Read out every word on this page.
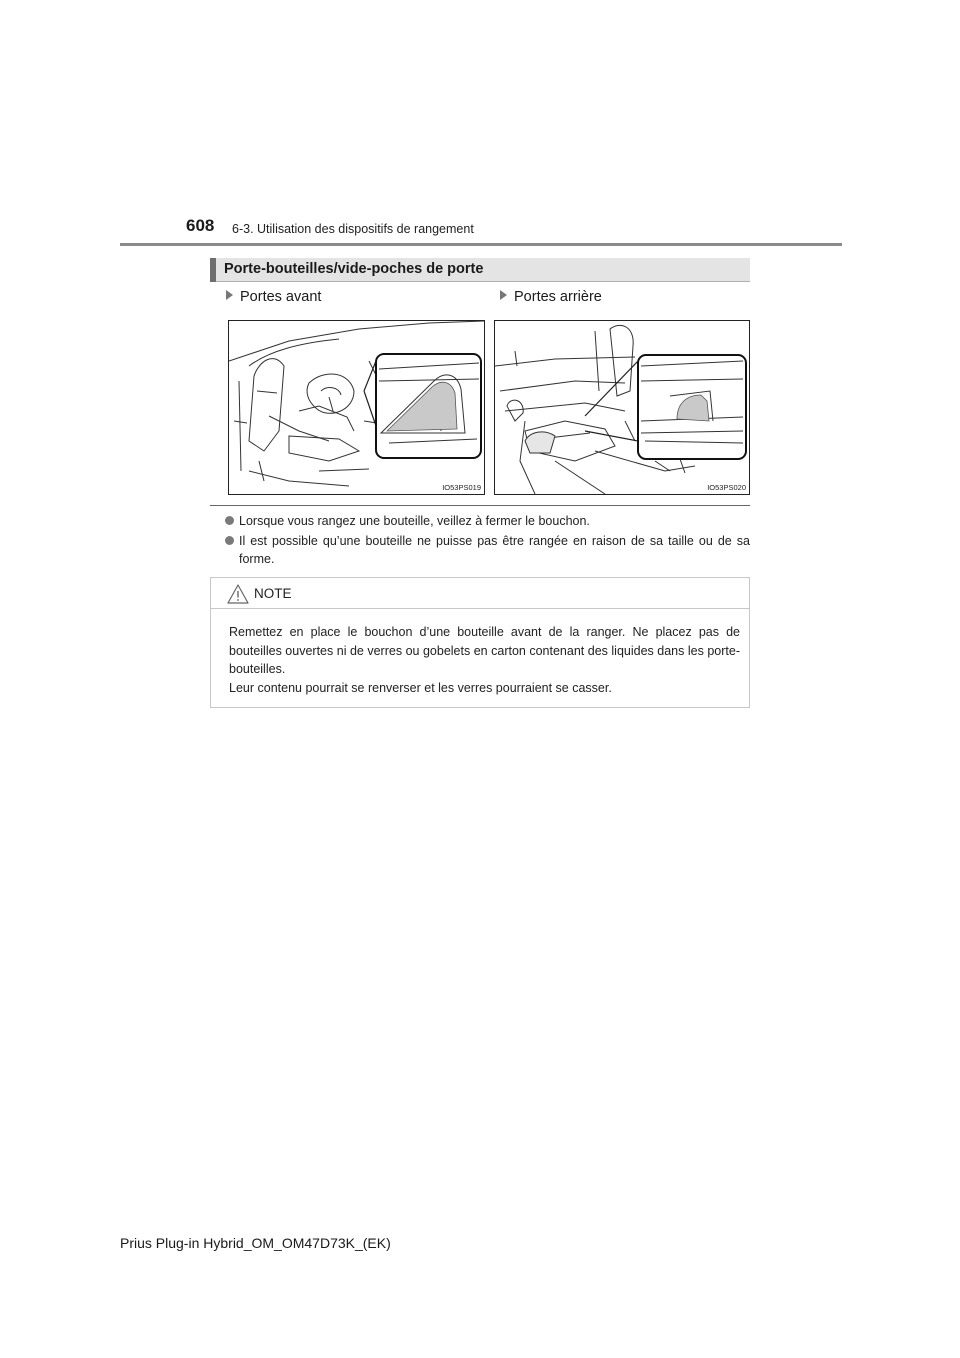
608 6-3. Utilisation des dispositifs de rangement
Porte-bouteilles/vide-poches de porte
Portes avant	Portes arrière
IO53PS019	IO53PS020
Lorsque vous rangez une bouteille, veillez à fermer le bouchon.
Il est possible qu’une bouteille ne puisse pas être rangée en raison de sa taille ou de sa forme.
NOTE
Remettez en place le bouchon d’une bouteille avant de la ranger. Ne placez pas de bouteilles ouvertes ni de verres ou gobelets en carton contenant des liquides dans les porte-bouteilles.
Leur contenu pourrait se renverser et les verres pourraient se casser.
Prius Plug-in Hybrid_OM_OM47D73K_(EK)
